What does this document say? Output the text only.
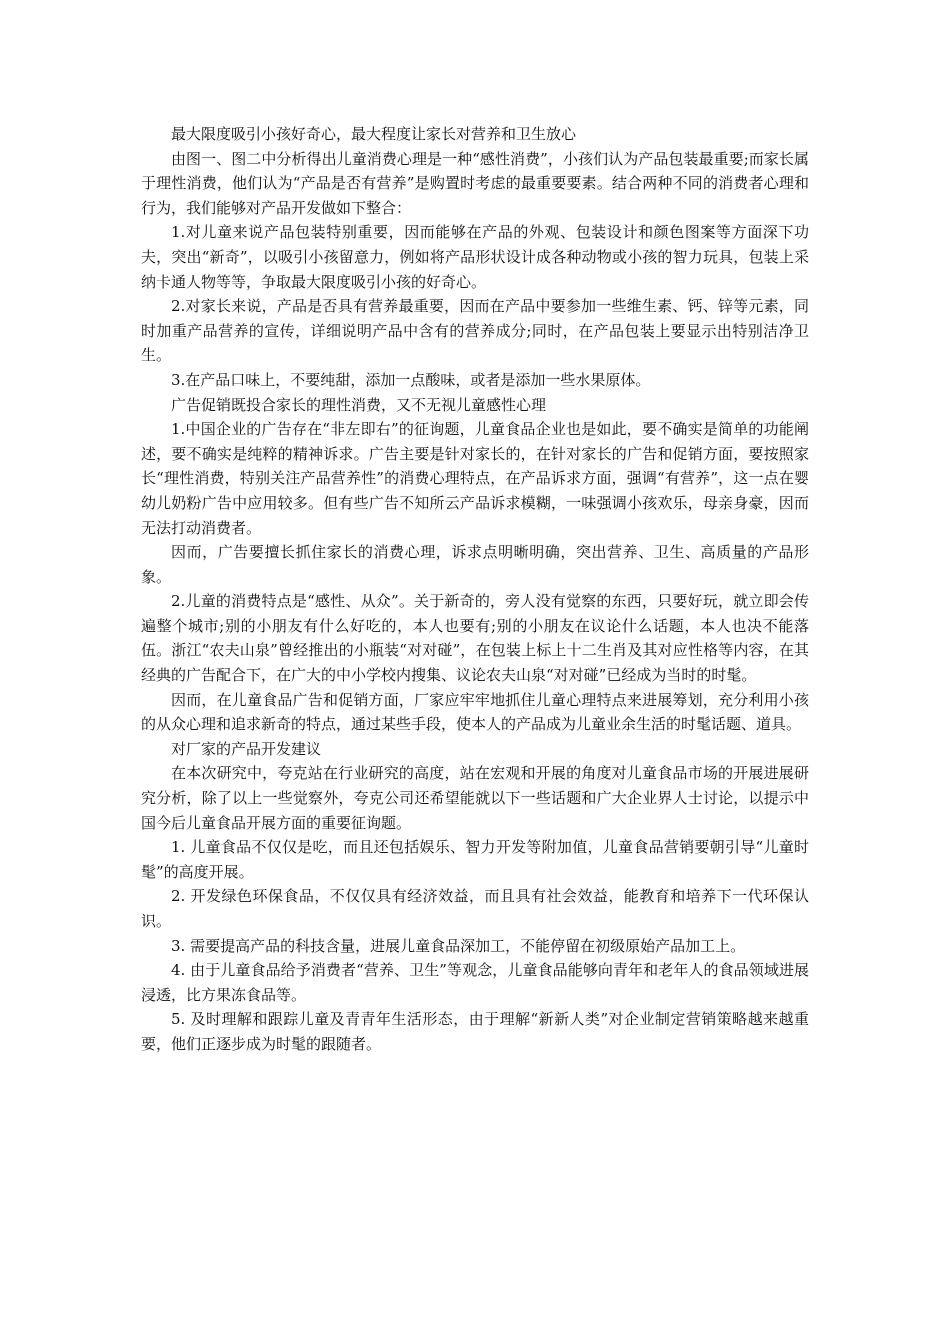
最大限度吸引小孩好奇心，最大程度让家长对营养和卫生放心

由图一、图二中分析得出儿童消费心理是一种“感性消费”，小孩们认为产品包装最重要;而家长属于理性消费，他们认为“产品是否有营养”是购置时考虑的最重要要素。结合两种不同的消费者心理和行为，我们能够对产品开发做如下整合：

1.对儿童来说产品包装特别重要，因而能够在产品的外观、包装设计和颜色图案等方面深下功夫，突出“新奇”，以吸引小孩留意力，例如将产品形状设计成各种动物或小孩的智力玩具，包装上采纳卡通人物等等，争取最大限度吸引小孩的好奇心。

2.对家长来说，产品是否具有营养最重要，因而在产品中要参加一些维生素、钙、锌等元素，同时加重产品营养的宣传，详细说明产品中含有的营养成分;同时，在产品包装上要显示出特别洁净卫生。

3.在产品口味上，不要纯甜，添加一点酸味，或者是添加一些水果原体。

广告促销既投合家长的理性消费，又不无视儿童感性心理

1.中国企业的广告存在“非左即右”的征询题，儿童食品企业也是如此，要不确实是简单的功能阐述，要不确实是纯粹的精神诉求。广告主要是针对家长的，在针对家长的广告和促销方面，要按照家长“理性消费，特别关注产品营养性”的消费心理特点，在产品诉求方面，强调“有营养”，这一点在婴幼儿奶粉广告中应用较多。但有些广告不知所云产品诉求模糊，一味强调小孩欢乐，母亲身豪，因而无法打动消费者。

因而，广告要擅长抓住家长的消费心理，诉求点明晰明确，突出营养、卫生、高质量的产品形象。

2.儿童的消费特点是“感性、从众”。关于新奇的，旁人没有觉察的东西，只要好玩，就立即会传遍整个城市;别的小朋友有什么好吃的，本人也要有;别的小朋友在议论什么话题，本人也决不能落伍。浙江“农夫山泉”曾经推出的小瓶装“对对碰”，在包装上标上十二生肖及其对应性格等内容，在其经典的广告配合下，在广大的中小学校内搜集、议论农夫山泉“对对碰”已经成为当时的时髦。

因而，在儿童食品广告和促销方面，厂家应牢牢地抓住儿童心理特点来进展筹划，充分利用小孩的从众心理和追求新奇的特点，通过某些手段，使本人的产品成为儿童业余生活的时髦话题、道具。

对厂家的产品开发建议

在本次研究中，夸克站在行业研究的高度，站在宏观和开展的角度对儿童食品市场的开展进展研究分析，除了以上一些觉察外，夸克公司还希望能就以下一些话题和广大企业界人士讨论，以提示中国今后儿童食品开展方面的重要征询题。

1. 儿童食品不仅仅是吃，而且还包括娱乐、智力开发等附加值，儿童食品营销要朝引导“儿童时髦”的高度开展。

2. 开发绿色环保食品，不仅仅具有经济效益，而且具有社会效益，能教育和培养下一代环保认识。

3. 需要提高产品的科技含量，进展儿童食品深加工，不能停留在初级原始产品加工上。

4. 由于儿童食品给予消费者“营养、卫生”等观念，儿童食品能够向青年和老年人的食品领域进展浸透，比方果冻食品等。

5. 及时理解和跟踪儿童及青青年生活形态，由于理解“新新人类”对企业制定营销策略越来越重要，他们正逐步成为时髦的跟随者。
